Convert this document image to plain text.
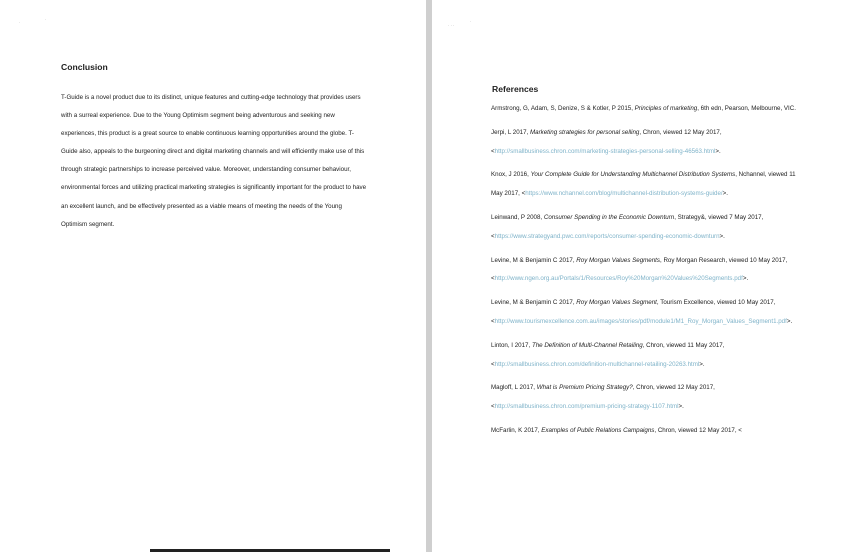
·
·
Conclusion
T-Guide is a novel product due to its distinct, unique features and cutting-edge technology that provides users with a surreal experience. Due to the Young Optimism segment being adventurous and seeking new experiences, this product is a great source to enable continuous learning opportunities around the globe. T-Guide also, appeals to the burgeoning direct and digital marketing channels and will efficiently make use of this through strategic partnerships to increase perceived value. Moreover, understanding consumer behaviour, environmental forces and utilizing practical marketing strategies is significantly important for the product to have an excellent launch, and be effectively presented as a viable means of meeting the needs of the Young Optimism segment.
· · ·
·
References
Armstrong, G, Adam, S, Denize, S & Kotler, P 2015, Principles of marketing, 6th edn, Pearson, Melbourne, VIC.
Jerpi, L 2017, Marketing strategies for personal selling, Chron, viewed 12 May 2017, <http://smallbusiness.chron.com/marketing-strategies-personal-selling-46563.html>.
Knox, J 2016, Your Complete Guide for Understanding Multichannel Distribution Systems, Nchannel, viewed 11 May 2017, <https://www.nchannel.com/blog/multichannel-distribution-systems-guide/>.
Leinwand, P 2008, Consumer Spending in the Economic Downturn, Strategy&, viewed 7 May 2017, <https://www.strategyand.pwc.com/reports/consumer-spending-economic-downturn>.
Levine, M & Benjamin C 2017, Roy Morgan Values Segments, Roy Morgan Research, viewed 10 May 2017, <http://www.ngen.org.au/Portals/1/Resources/Roy%20Morgan%20Values%20Segments.pdf>.
Levine, M & Benjamin C 2017, Roy Morgan Values Segment, Tourism Excellence, viewed 10 May 2017, <http://www.tourismexcellence.com.au/images/stories/pdf/module1/M1_Roy_Morgan_Values_Segment1.pdf>.
Linton, I 2017, The Definition of Multi-Channel Retailing, Chron, viewed 11 May 2017, <http://smallbusiness.chron.com/definition-multichannel-retailing-20263.html>.
Magloff, L 2017, What is Premium Pricing Strategy?, Chron, viewed 12 May 2017, <http://smallbusiness.chron.com/premium-pricing-strategy-1107.html>.
McFarlin, K 2017, Examples of Public Relations Campaigns, Chron, viewed 12 May 2017, <
